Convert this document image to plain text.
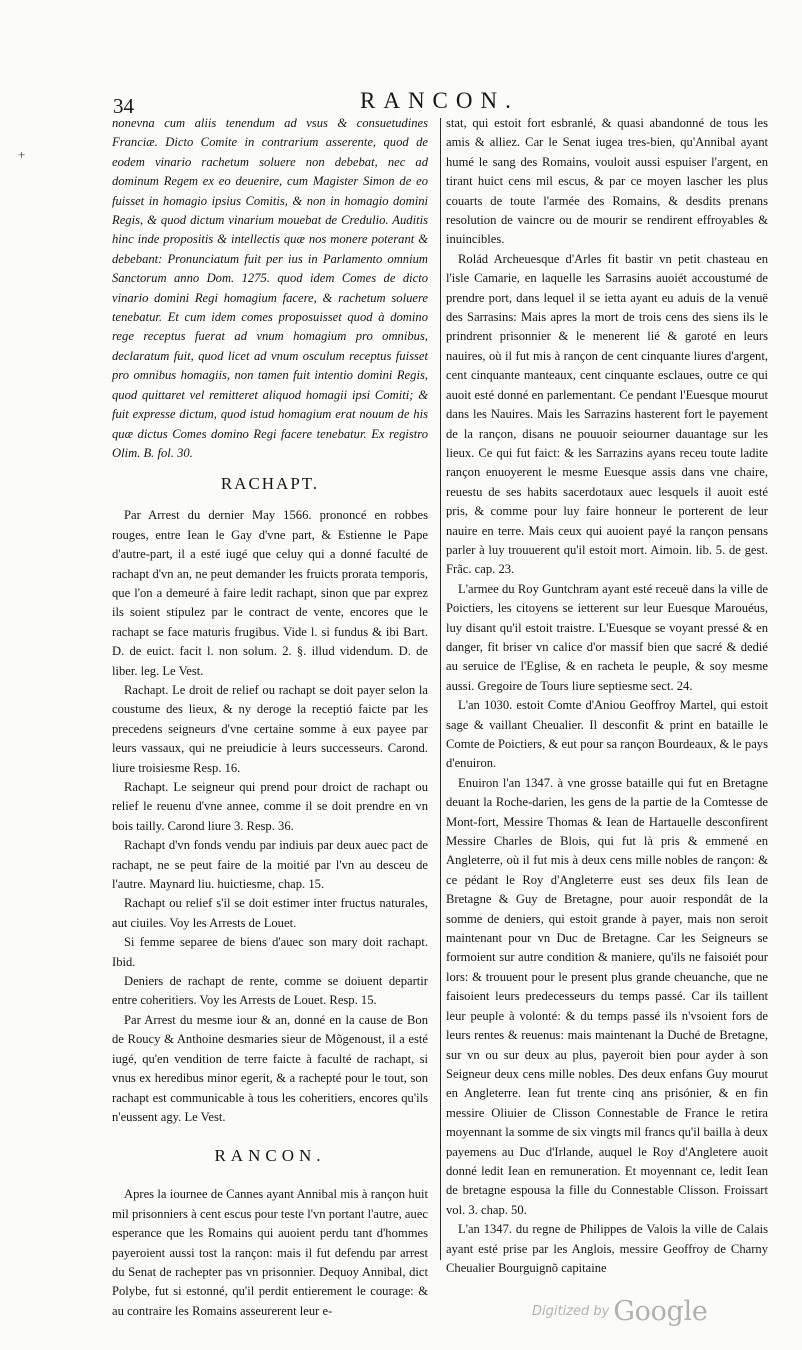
+
34	RANCON.

nonevna cum aliis tenendum ad vsus & consuetudines Franciæ. Dicto Comite in contrarium asserente, quod de eodem vinario rachetum soluere non debebat, nec ad dominum Regem ex eo deuenire, cum Magister Simon de eo fuisset in homagio ipsius Comitis, & non in homagio domini Regis, & quod dictum vinarium mouebat de Credulio. Auditis hinc inde propositis & intellectis quæ nos monere poterant & debebant: Pronunciatum fuit per ius in Parlamento omnium Sanctorum anno Dom. 1275. quod idem Comes de dicto vinario domini Regi homagium facere, & rachetum soluere tenebatur. Et cum idem comes proposuisset quod à domino rege receptus fuerat ad vnum homagium pro omnibus, declaratum fuit, quod licet ad vnum osculum receptus fuisset pro omnibus homagiis, non tamen fuit intentio domini Regis, quod quittaret vel remitteret aliquod homagii ipsi Comiti; & fuit expresse dictum, quod istud homagium erat nouum de his quæ dictus Comes domino Regi facere tenebatur. Ex registro Olim. B. fol. 30.

RACHAPT.

Par Arrest du dernier May 1566. prononcé en robbes rouges, entre Iean le Gay d'vne part, & Estienne le Pape d'autre-part, il a esté iugé que celuy qui a donné faculté de rachapt d'vn an, ne peut demander les fruicts prorata temporis, que l'on a demeuré à faire ledit rachapt, sinon que par exprez ils soient stipulez par le contract de vente, encores que le rachapt se face maturis frugibus. Vide l. si fundus & ibi Bart. D. de euict. facit l. non solum. 2. §. illud videndum. D. de liber. leg. Le Vest.

Rachapt. Le droit de relief ou rachapt se doit payer selon la coustume des lieux, & ny deroge la receptió faicte par les precedens seigneurs d'vne certaine somme à eux payee par leurs vassaux, qui ne preiudicie à leurs successeurs. Carond. liure troisiesme Resp. 16.

Rachapt. Le seigneur qui prend pour droict de rachapt ou relief le reuenu d'vne annee, comme il se doit prendre en vn bois tailly. Carond liure 3. Resp. 36.

Rachapt d'vn fonds vendu par indiuis par deux auec pact de rachapt, ne se peut faire de la moitié par l'vn au desceu de l'autre. Maynard liu. huictiesme, chap. 15.

Rachapt ou relief s'il se doit estimer inter fructus naturales, aut ciuiles. Voy les Arrests de Louet.

Si femme separee de biens d'auec son mary doit rachapt. Ibid.

Deniers de rachapt de rente, comme se doiuent departir entre coheritiers. Voy les Arrests de Louet. Resp. 15.

Par Arrest du mesme iour & an, donné en la cause de Bon de Roucy & Anthoine desmaries sieur de Mõgenoust, il a esté iugé, qu'en vendition de terre faicte à faculté de rachapt, si vnus ex heredibus minor egerit, & a rachepté pour le tout, son rachapt est communicable à tous les coheritiers, encores qu'ils n'eussent agy. Le Vest.

RANCON.

Apres la iournee de Cannes ayant Annibal mis à rançon huit mil prisonniers à cent escus pour teste l'vn portant l'autre, auec esperance que les Romains qui auoient perdu tant d'hommes payeroient aussi tost la rançon: mais il fut defendu par arrest du Senat de rachepter pas vn prisonnier. Dequoy Annibal, dict Polybe, fut si estonné, qu'il perdit entierement le courage: & au contraire les Romains asseurerent leur e-

stat, qui estoit fort esbranlé, & quasi abandonné de tous les amis & alliez. Car le Senat iugea tres-bien, qu'Annibal ayant humé le sang des Romains, vouloit aussi espuiser l'argent, en tirant huict cens mil escus, & par ce moyen lascher les plus couarts de toute l'armée des Romains, & desdits prenans resolution de vaincre ou de mourir se rendirent effroyables & inuincibles.

Rolád Archeuesque d'Arles fit bastir vn petit chasteau en l'isle Camarie, en laquelle les Sarrasins auoiét accoustumé de prendre port, dans lequel il se ietta ayant eu aduis de la venuë des Sarrasins: Mais apres la mort de trois cens des siens ils le prindrent prisonnier & le menerent lié & garoté en leurs nauires, où il fut mis à rançon de cent cinquante liures d'argent, cent cinquante manteaux, cent cinquante esclaues, outre ce qui auoit esté donné en parlementant. Ce pendant l'Euesque mourut dans les Nauires. Mais les Sarrazins hasterent fort le payement de la rançon, disans ne pouuoir seiourner dauantage sur les lieux. Ce qui fut faict: & les Sarrazins ayans receu toute ladite rançon enuoyerent le mesme Euesque assis dans vne chaire, reuestu de ses habits sacerdotaux auec lesquels il auoit esté pris, & comme pour luy faire honneur le porterent de leur nauire en terre. Mais ceux qui auoient payé la rançon pensans parler à luy trouuerent qu'il estoit mort. Aimoin. lib. 5. de gest. Frãc. cap. 23.

L'armee du Roy Guntchram ayant esté receuë dans la ville de Poictiers, les citoyens se ietterent sur leur Euesque Marouéus, luy disant qu'il estoit traistre. L'Euesque se voyant pressé & en danger, fit briser vn calice d'or massif bien que sacré & dedié au seruice de l'Eglise, & en racheta le peuple, & soy mesme aussi. Gregoire de Tours liure septiesme sect. 24.

L'an 1030. estoit Comte d'Aniou Geoffroy Martel, qui estoit sage & vaillant Cheualier. Il desconfit & print en bataille le Comte de Poictiers, & eut pour sa rançon Bourdeaux, & le pays d'enuiron.

Enuiron l'an 1347. à vne grosse bataille qui fut en Bretagne deuant la Roche-darien, les gens de la partie de la Comtesse de Mont-fort, Messire Thomas & Iean de Hartauelle desconfirent Messire Charles de Blois, qui fut là pris & emmené en Angleterre, où il fut mis à deux cens mille nobles de rançon: & ce pédant le Roy d'Angleterre eust ses deux fils Iean de Bretagne & Guy de Bretagne, pour auoir respondât de la somme de deniers, qui estoit grande à payer, mais non seroit maintenant pour vn Duc de Bretagne. Car les Seigneurs se formoient sur autre condition & maniere, qu'ils ne faisoiét pour lors: & trouuent pour le present plus grande cheuanche, que ne faisoient leurs predecesseurs du temps passé. Car ils taillent leur peuple à volonté: & du temps passé ils n'vsoient fors de leurs rentes & reuenus: mais maintenant la Duché de Bretagne, sur vn ou sur deux au plus, payeroit bien pour ayder à son Seigneur deux cens mille nobles. Des deux enfans Guy mourut en Angleterre. Iean fut trente cinq ans prisónier, & en fin messire Oliuier de Clisson Connestable de France le retira moyennant la somme de six vingts mil francs qu'il bailla à deux payemens au Duc d'Irlande, auquel le Roy d'Angletere auoit donné ledit Iean en remuneration. Et moyennant ce, ledit Iean de bretagne espousa la fille du Connestable Clisson. Froissart vol. 3. chap. 50.

L'an 1347. du regne de Philippes de Valois la ville de Calais ayant esté prise par les Anglois, messire Geoffroy de Charny Cheualier Bourguignõ capitaine

$^{Digitized by}$ Google
